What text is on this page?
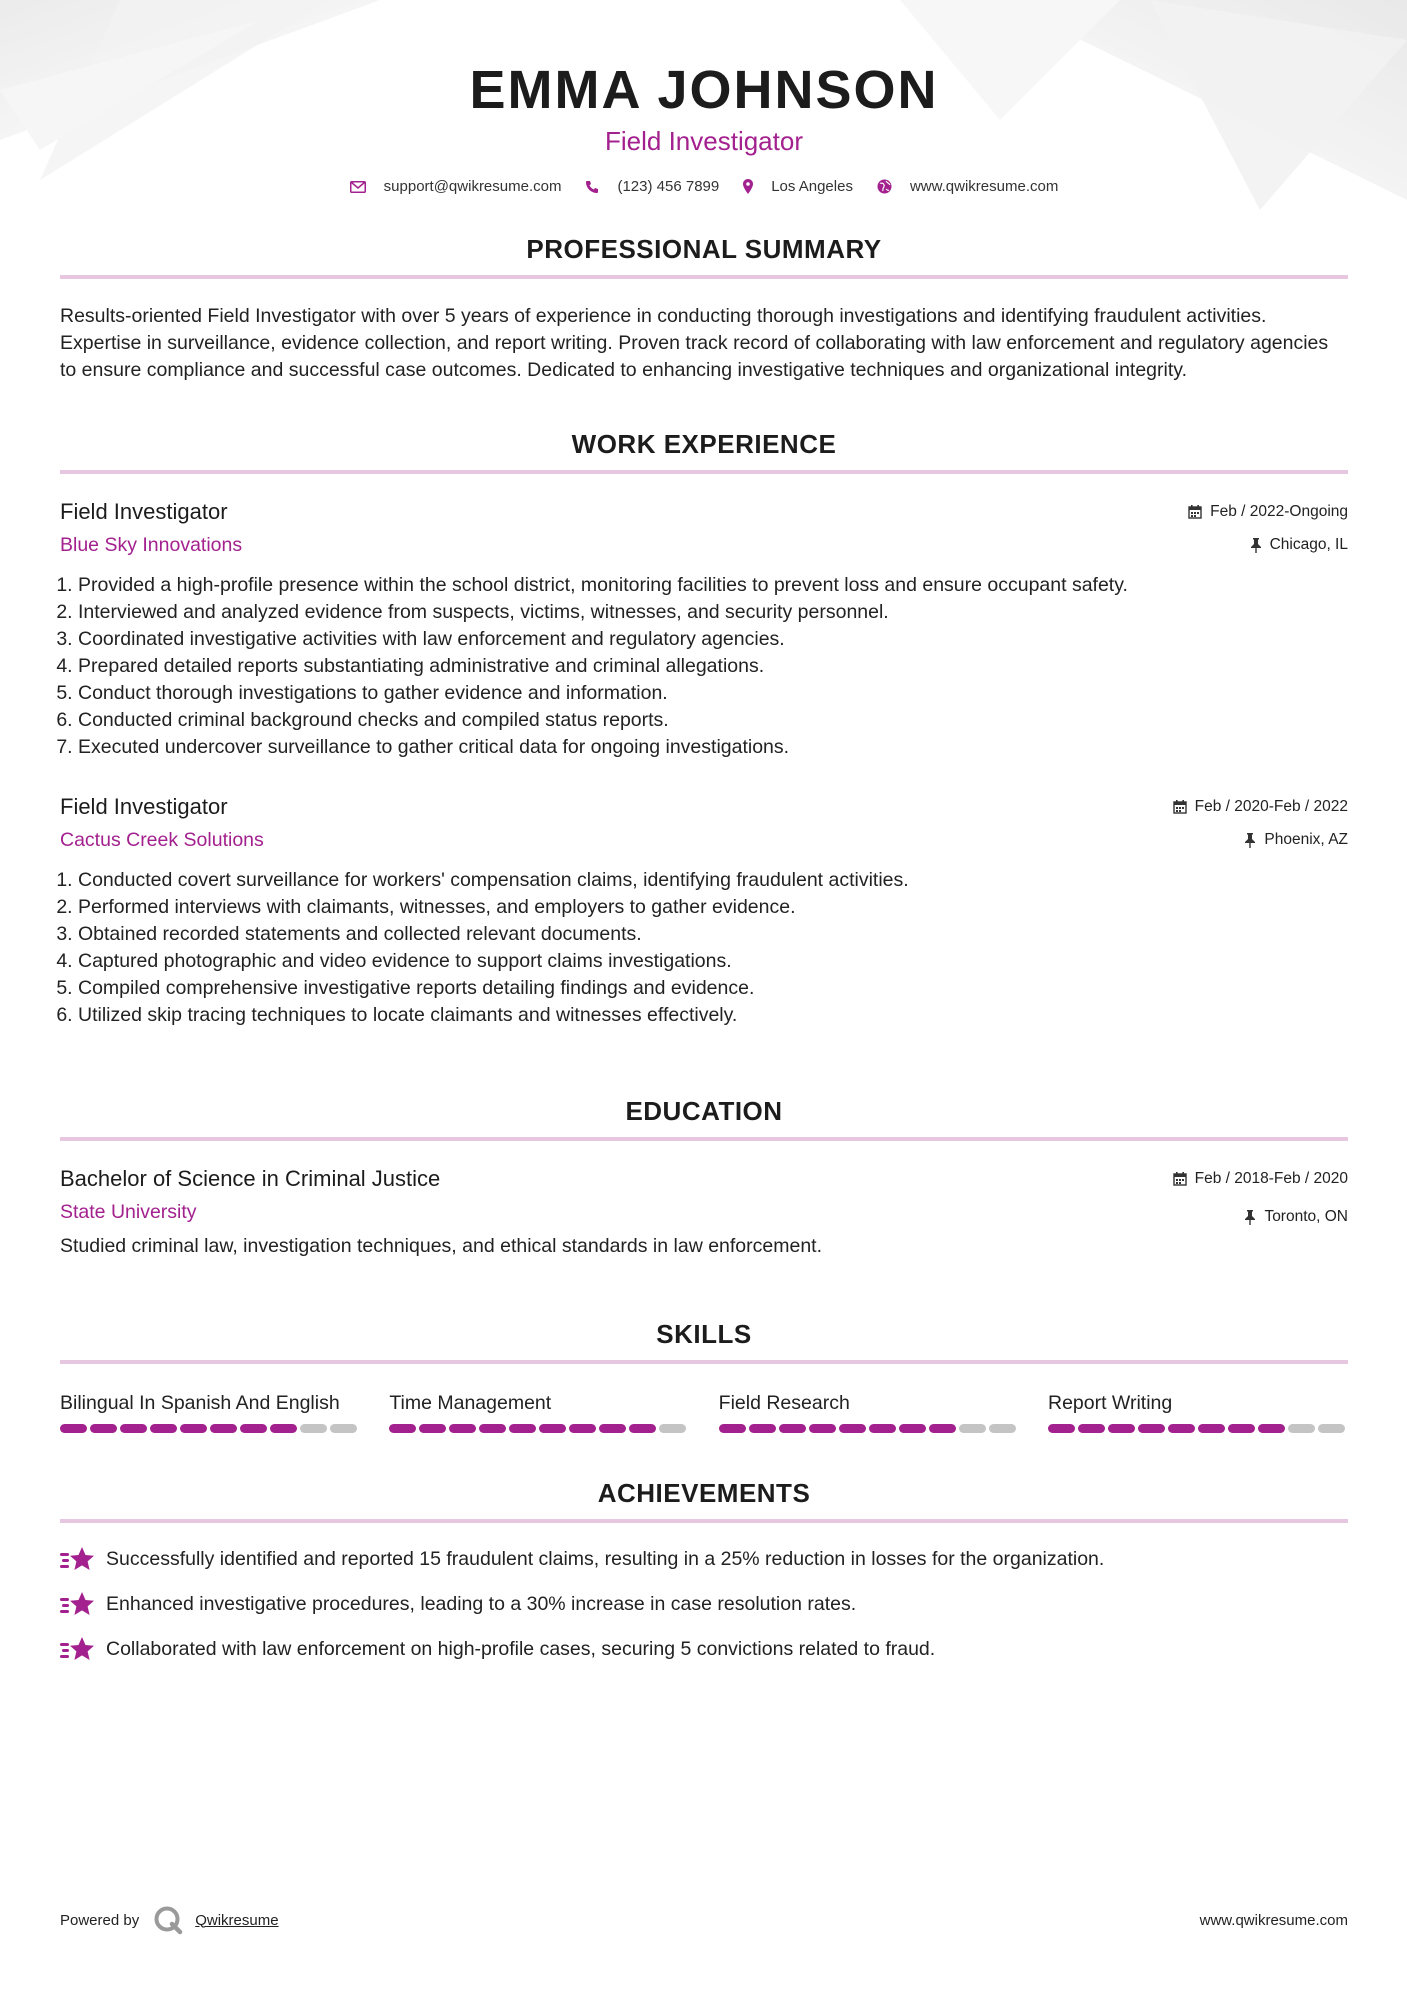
EMMA JOHNSON
Field Investigator
support@qwikresume.com	(123) 456 7899	Los Angeles	www.qwikresume.com
PROFESSIONAL SUMMARY
Results-oriented Field Investigator with over 5 years of experience in conducting thorough investigations and identifying fraudulent activities. Expertise in surveillance, evidence collection, and report writing. Proven track record of collaborating with law enforcement and regulatory agencies to ensure compliance and successful case outcomes. Dedicated to enhancing investigative techniques and organizational integrity.
WORK EXPERIENCE
Feb / 2022-Ongoing
Chicago, IL
Field Investigator
Blue Sky Innovations
1. Provided a high-profile presence within the school district, monitoring facilities to prevent loss and ensure occupant safety.
2. Interviewed and analyzed evidence from suspects, victims, witnesses, and security personnel.
3. Coordinated investigative activities with law enforcement and regulatory agencies.
4. Prepared detailed reports substantiating administrative and criminal allegations.
5. Conduct thorough investigations to gather evidence and information.
6. Conducted criminal background checks and compiled status reports.
7. Executed undercover surveillance to gather critical data for ongoing investigations.
Feb / 2020-Feb / 2022
Phoenix, AZ
Field Investigator
Cactus Creek Solutions
1. Conducted covert surveillance for workers' compensation claims, identifying fraudulent activities.
2. Performed interviews with claimants, witnesses, and employers to gather evidence.
3. Obtained recorded statements and collected relevant documents.
4. Captured photographic and video evidence to support claims investigations.
5. Compiled comprehensive investigative reports detailing findings and evidence.
6. Utilized skip tracing techniques to locate claimants and witnesses effectively.
EDUCATION
Feb / 2018-Feb / 2020
Toronto, ON
Bachelor of Science in Criminal Justice
State University
Studied criminal law, investigation techniques, and ethical standards in law enforcement.
SKILLS
Bilingual In Spanish And English	Time Management	Field Research	Report Writing
ACHIEVEMENTS
Successfully identified and reported 15 fraudulent claims, resulting in a 25% reduction in losses for the organization.
Enhanced investigative procedures, leading to a 30% increase in case resolution rates.
Collaborated with law enforcement on high-profile cases, securing 5 convictions related to fraud.
Powered by	Qwikresume	www.qwikresume.com
